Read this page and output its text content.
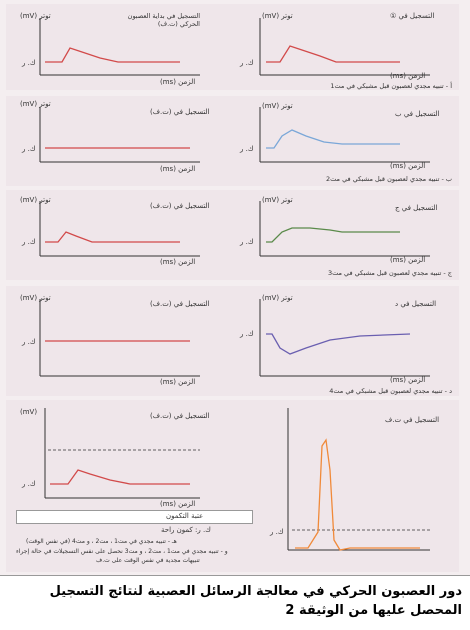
توتر (mV)	التسجيل في بداية العصبون الحركي (ت.ف)
ك. ر
الزمن (ms)
توتر (mV)	التسجيل في ①
ك. ر
الزمن (ms)
أ - تنبيه مجدي لعصبون قبل مشبكي في مت1
توتر (mV)
التسجيل في (ت.ف)
ك. ر
الزمن (ms)
توتر (mV)
التسجيل في ب
ك. ر
الزمن (ms)
ب - تنبيه مجدي لعصبون قبل مشبكي في مت2
توتر (mV)
التسجيل في (ت.ف)
ك. ر
الزمن (ms)
توتر (mV)
التسجيل في ج
ك. ر
الزمن (ms)
ج - تنبيه مجدي لعصبون قبل مشبكي في مت3
توتر (mV)
التسجيل في (ت.ف)
ك. ر
الزمن (ms)
توتر (mV)
التسجيل في د
ك. ر
الزمن (ms)
د - تنبيه مجدي لعصبون قبل مشبكي في مت4
(mV)	التسجيل في (ت.ف)
ك. ر
الزمن (ms)
التسجيل في ت.ف
ك. ر
عتبة التكمون
ك. ر: كمون راحة
هـ - تنبيه مجدي في مت1 ، مت2 ، و مت4 (في نفس الوقت)
و - تنبيه مجدي في مت1 ، مت2 ، و مت3 نحصل على نفس التسجيلات في حالة إجراء
تنبيهات مجدية في نفس الوقت على ت.ف
دور العصبون الحركي في معالجة الرسائل العصبية لنتائج التسجيل المحصل عليها من الوثيقة 2
